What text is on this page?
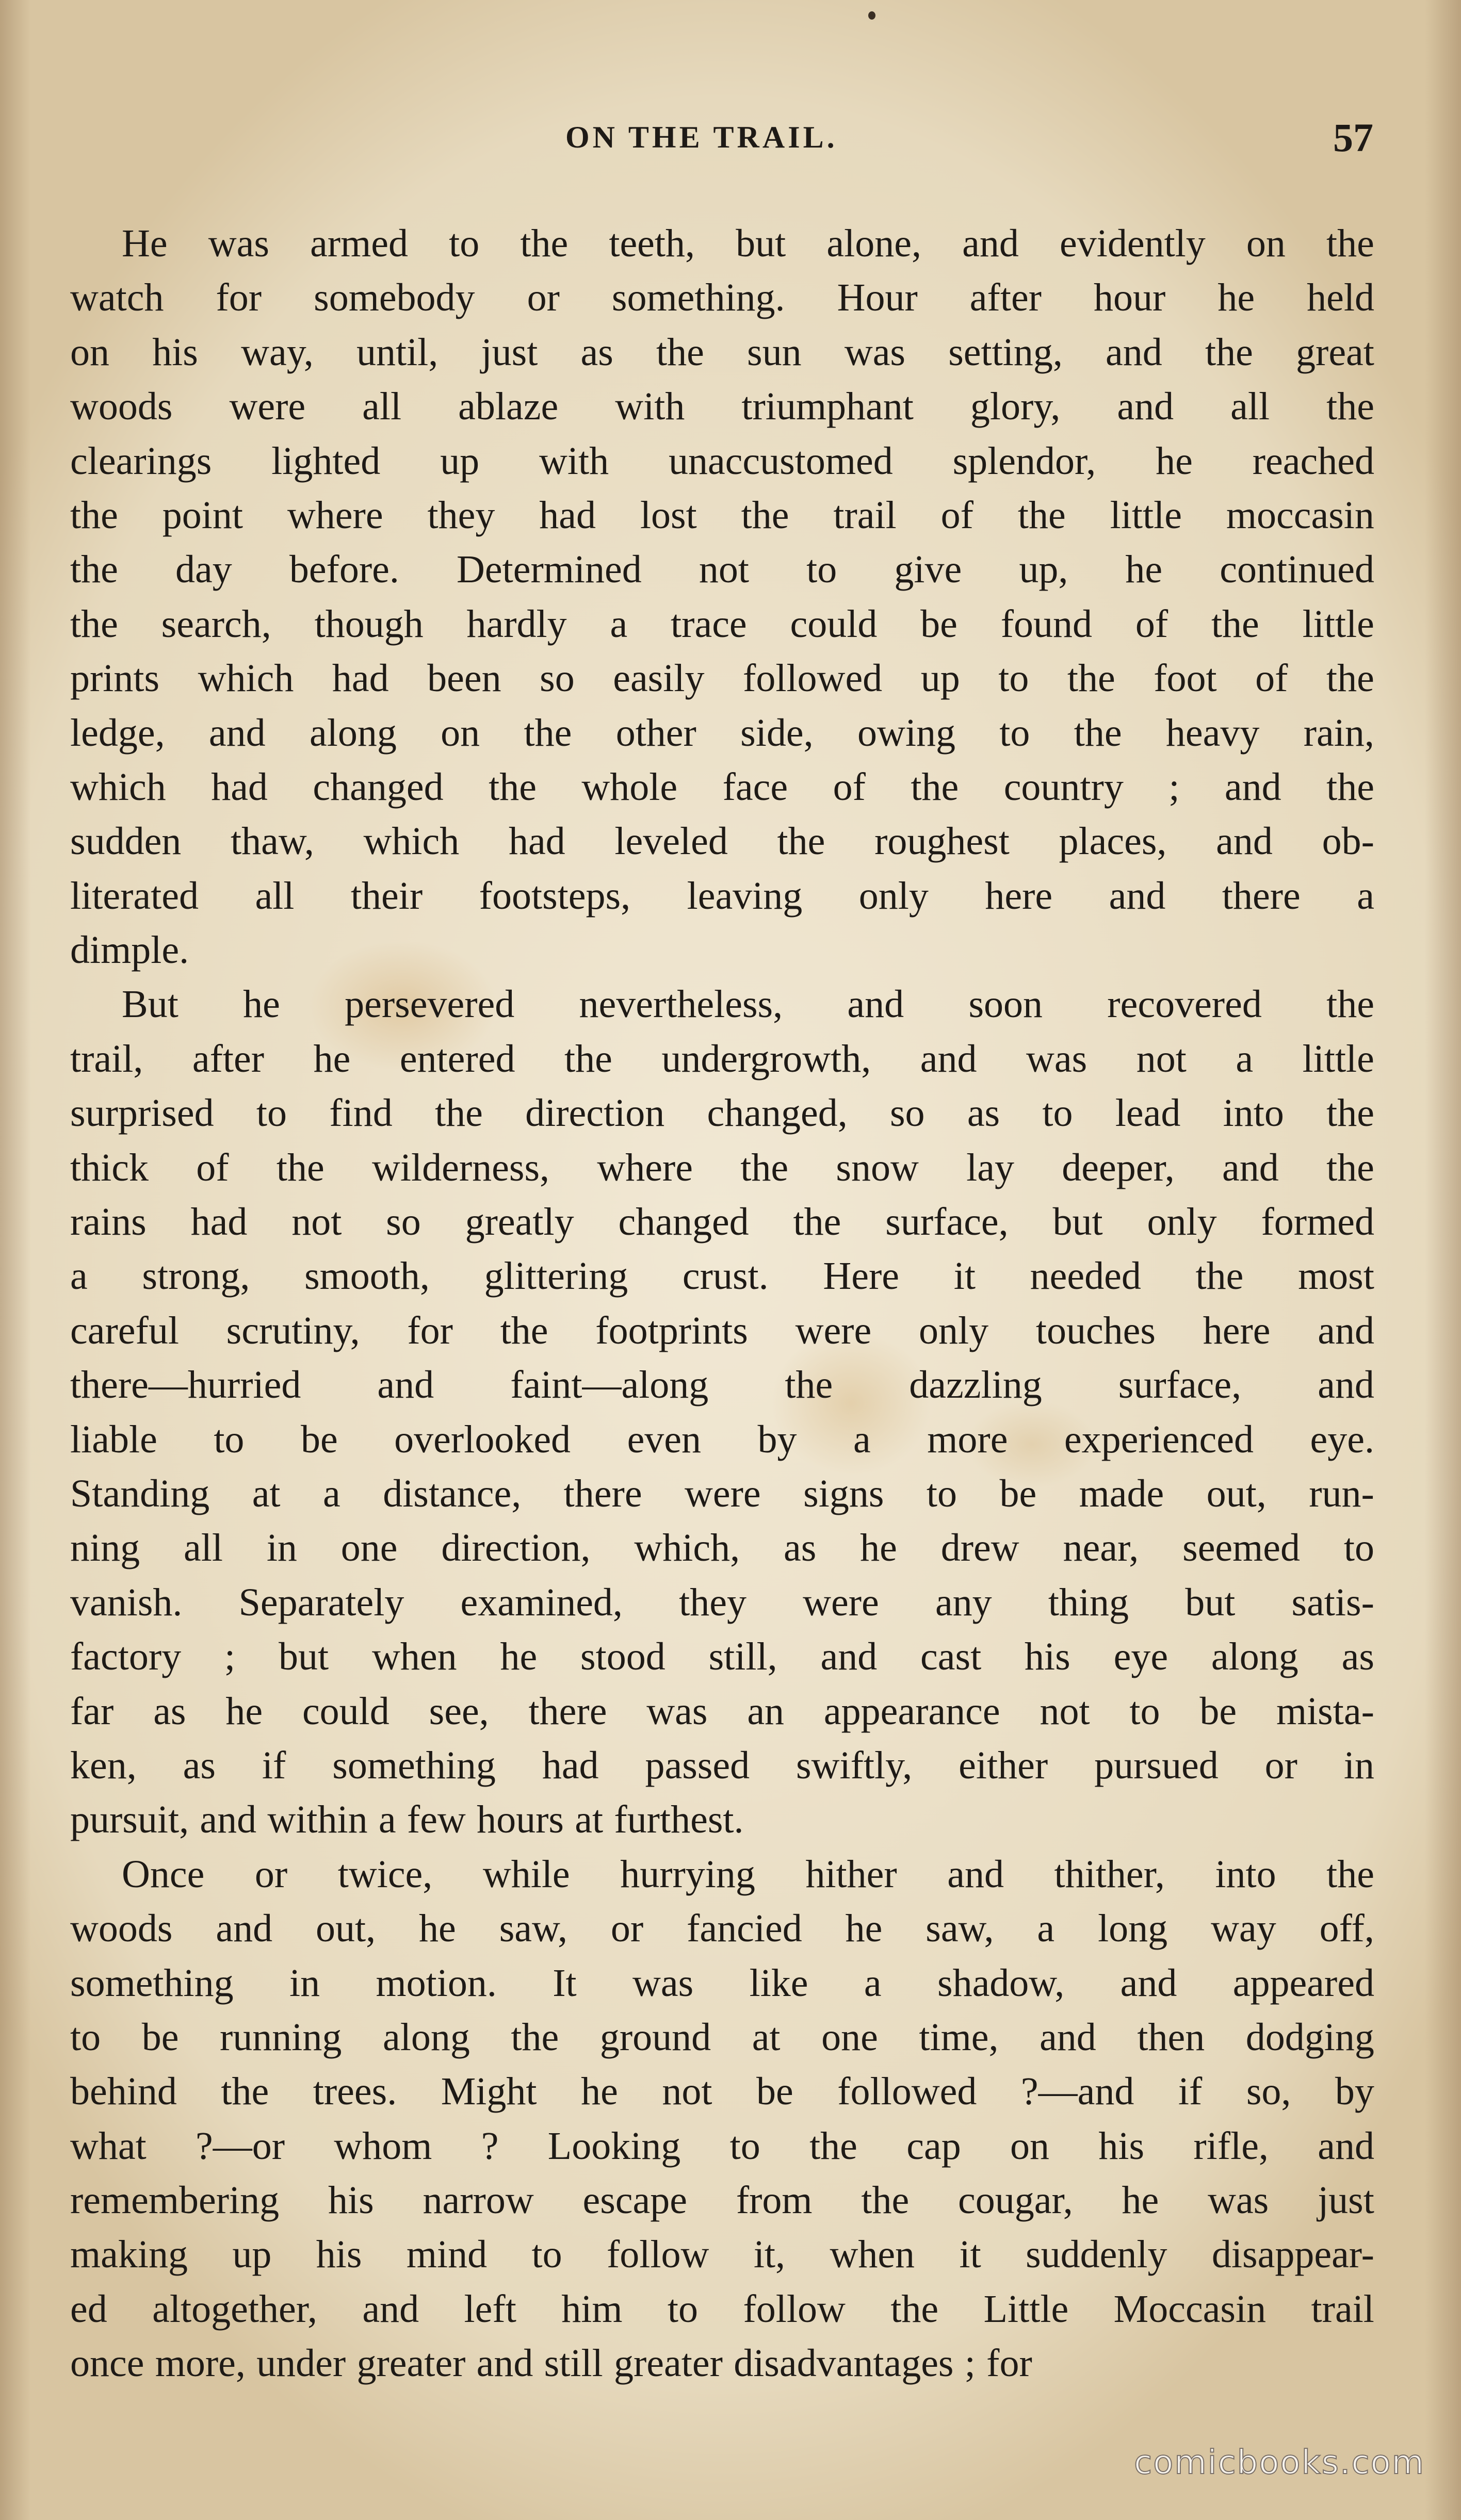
ON THE TRAIL.	57
He was armed to the teeth, but alone, and evidently on the
watch for somebody or something. Hour after hour he held
on his way, until, just as the sun was setting, and the great
woods were all ablaze with triumphant glory, and all the
clearings lighted up with unaccustomed splendor, he reached
the point where they had lost the trail of the little moccasin
the day before. Determined not to give up, he continued
the search, though hardly a trace could be found of the little
prints which had been so easily followed up to the foot of the
ledge, and along on the other side, owing to the heavy rain,
which had changed the whole face of the country ; and the
sudden thaw, which had leveled the roughest places, and ob-
literated all their footsteps, leaving only here and there a
dimple.
But he persevered nevertheless, and soon recovered the
trail, after he entered the undergrowth, and was not a little
surprised to find the direction changed, so as to lead into the
thick of the wilderness, where the snow lay deeper, and the
rains had not so greatly changed the surface, but only formed
a strong, smooth, glittering crust. Here it needed the most
careful scrutiny, for the footprints were only touches here and
there—hurried and faint—along the dazzling surface, and
liable to be overlooked even by a more experienced eye.
Standing at a distance, there were signs to be made out, run-
ning all in one direction, which, as he drew near, seemed to
vanish. Separately examined, they were any thing but satis-
factory ; but when he stood still, and cast his eye along as
far as he could see, there was an appearance not to be mista-
ken, as if something had passed swiftly, either pursued or in
pursuit, and within a few hours at furthest.
Once or twice, while hurrying hither and thither, into the
woods and out, he saw, or fancied he saw, a long way off,
something in motion. It was like a shadow, and appeared
to be running along the ground at one time, and then dodging
behind the trees. Might he not be followed ?—and if so, by
what ?—or whom ? Looking to the cap on his rifle, and
remembering his narrow escape from the cougar, he was just
making up his mind to follow it, when it suddenly disappear-
ed altogether, and left him to follow the Little Moccasin trail
once more, under greater and still greater disadvantages ; for
comicbooks.com
